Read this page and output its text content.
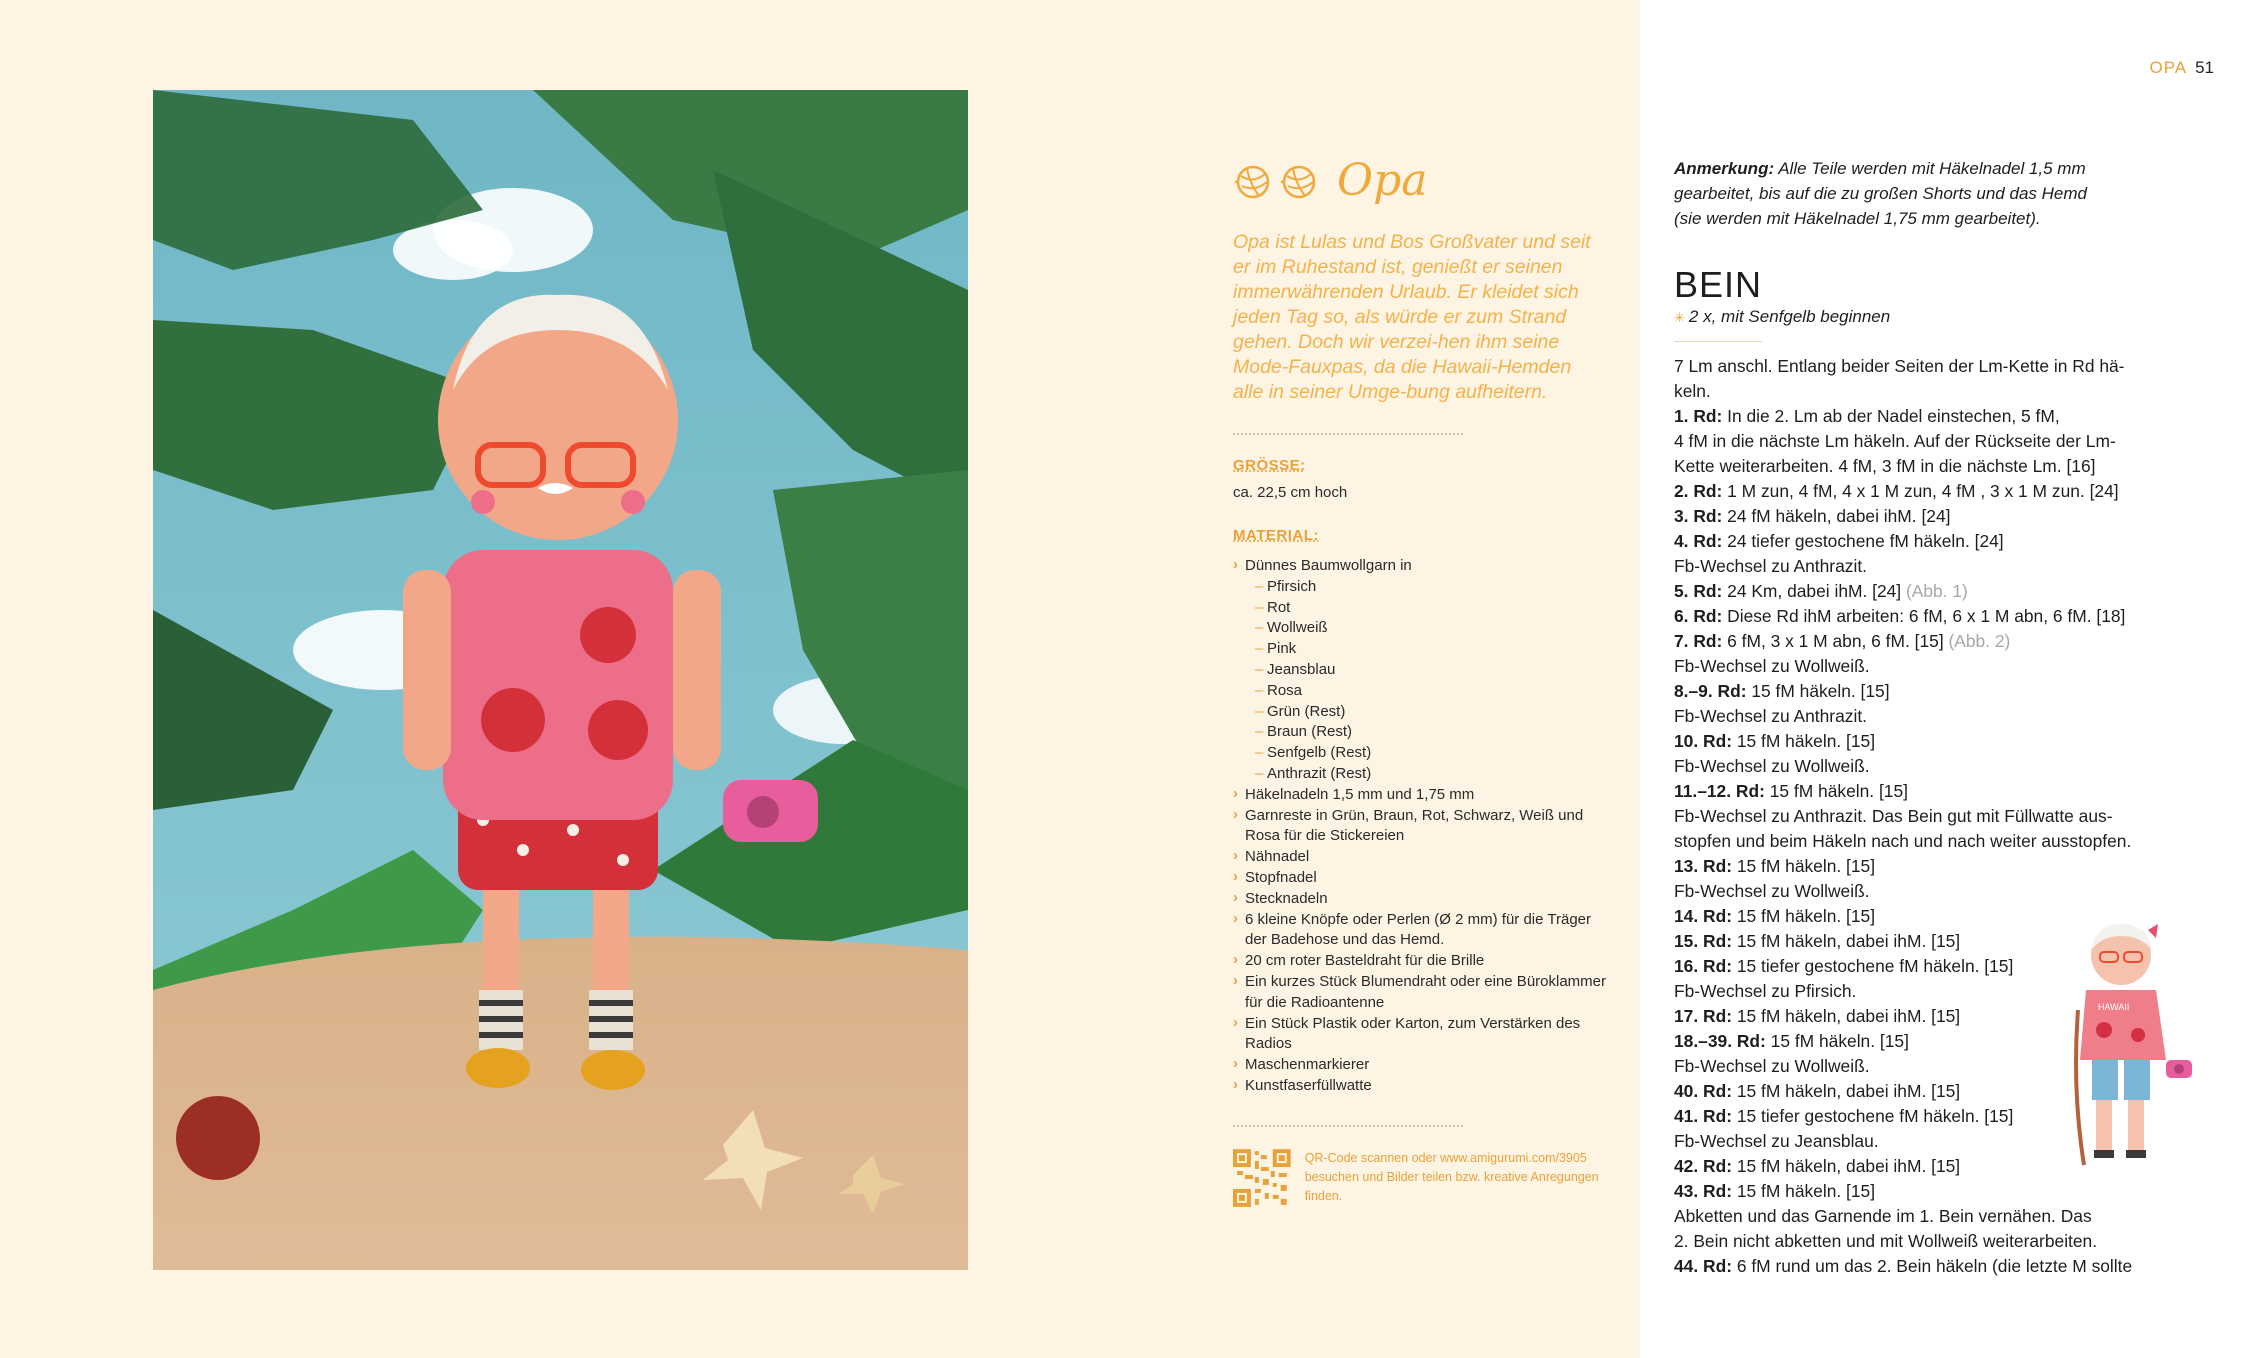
Opa
Opa ist Lulas und Bos Großvater und seit er im Ruhestand ist, genießt er seinen immerwährenden Urlaub. Er kleidet sich jeden Tag so, als würde er zum Strand gehen. Doch wir verzei-hen ihm seine Mode-Fauxpas, da die Hawaii-Hemden alle in seiner Umge-bung aufheitern.
GRÖSSE:
ca. 22,5 cm hoch
MATERIAL:
› Dünnes Baumwollgarn in
– Pfirsich
– Rot
– Wollweiß
– Pink
– Jeansblau
– Rosa
– Grün (Rest)
– Braun (Rest)
– Senfgelb (Rest)
– Anthrazit (Rest)
› Häkelnadeln 1,5 mm und 1,75 mm
› Garnreste in Grün, Braun, Rot, Schwarz, Weiß und Rosa für die Stickereien
› Nähnadel
› Stopfnadel
› Stecknadeln
› 6 kleine Knöpfe oder Perlen (Ø 2 mm) für die Träger der Badehose und das Hemd.
› 20 cm roter Basteldraht für die Brille
› Ein kurzes Stück Blumendraht oder eine Büroklammer für die Radioantenne
› Ein Stück Plastik oder Karton, zum Verstärken des Radios
› Maschenmarkierer
› Kunstfaserfüllwatte
QR-Code scannen oder www.amigurumi.com/3905 besuchen und Bilder teilen bzw. kreative Anregungen finden.
OPA 51
Anmerkung: Alle Teile werden mit Häkelnadel 1,5 mm
gearbeitet, bis auf die zu großen Shorts und das Hemd
(sie werden mit Häkelnadel 1,75 mm gearbeitet).
BEIN
✳ 2 x, mit Senfgelb beginnen
7 Lm anschl. Entlang beider Seiten der Lm-Kette in Rd hä-
keln.
1. Rd: In die 2. Lm ab der Nadel einstechen, 5 fM,
4 fM in die nächste Lm häkeln. Auf der Rückseite der Lm-
Kette weiterarbeiten. 4 fM, 3 fM in die nächste Lm. [16]
2. Rd: 1 M zun, 4 fM, 4 x 1 M zun, 4 fM , 3 x 1 M zun. [24]
3. Rd: 24 fM häkeln, dabei ihM. [24]
4. Rd: 24 tiefer gestochene fM häkeln. [24]
Fb-Wechsel zu Anthrazit.
5. Rd: 24 Km, dabei ihM. [24] (Abb. 1)
6. Rd: Diese Rd ihM arbeiten: 6 fM, 6 x 1 M abn, 6 fM. [18]
7. Rd: 6 fM, 3 x 1 M abn, 6 fM. [15] (Abb. 2)
Fb-Wechsel zu Wollweiß.
8.–9. Rd: 15 fM häkeln. [15]
Fb-Wechsel zu Anthrazit.
10. Rd: 15 fM häkeln. [15]
Fb-Wechsel zu Wollweiß.
11.–12. Rd: 15 fM häkeln. [15]
Fb-Wechsel zu Anthrazit. Das Bein gut mit Füllwatte aus-
stopfen und beim Häkeln nach und nach weiter ausstopfen.
13. Rd: 15 fM häkeln. [15]
Fb-Wechsel zu Wollweiß.
14. Rd: 15 fM häkeln. [15]
15. Rd: 15 fM häkeln, dabei ihM. [15]
16. Rd: 15 tiefer gestochene fM häkeln. [15]
Fb-Wechsel zu Pfirsich.
17. Rd: 15 fM häkeln, dabei ihM. [15]
18.–39. Rd: 15 fM häkeln. [15]
Fb-Wechsel zu Wollweiß.
40. Rd: 15 fM häkeln, dabei ihM. [15]
41. Rd: 15 tiefer gestochene fM häkeln. [15]
Fb-Wechsel zu Jeansblau.
42. Rd: 15 fM häkeln, dabei ihM. [15]
43. Rd: 15 fM häkeln. [15]
Abketten und das Garnende im 1. Bein vernähen. Das
2. Bein nicht abketten und mit Wollweiß weiterarbeiten.
44. Rd: 6 fM rund um das 2. Bein häkeln (die letzte M sollte
HAWAII
